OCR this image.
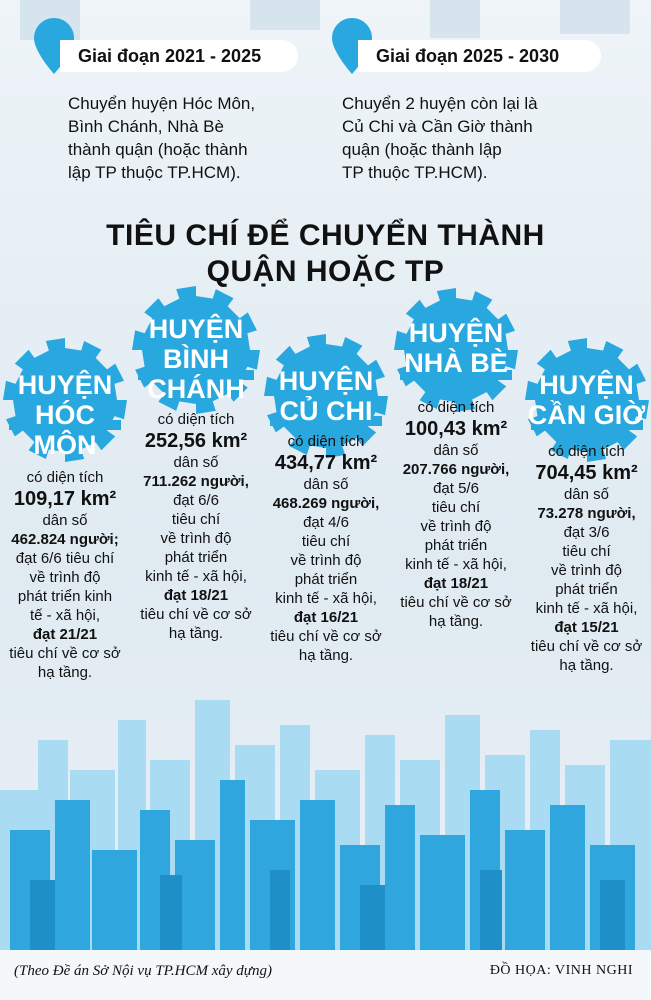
Giai đoạn 2021 - 2025
Chuyển huyện Hóc Môn,
Bình Chánh, Nhà Bè
thành quận (hoặc thành
lập TP thuộc TP.HCM).
Giai đoạn 2025 - 2030
Chuyển 2 huyện còn lại là
Củ Chi và Cần Giờ thành
quận (hoặc thành lập
TP thuộc TP.HCM).
TIÊU CHÍ ĐỂ CHUYỂN THÀNH
QUẬN HOẶC TP
HUYỆN
HÓC MÔN
có diện tích
109,17 km²
dân số
462.824 người;
đạt 6/6 tiêu chí
về trình độ
phát triển kinh
tế - xã hội,
đạt 21/21
tiêu chí về cơ sở
hạ tầng.
HUYỆN
BÌNH
CHÁNH
có diện tích
252,56 km²
dân số
711.262 người,
đạt 6/6
tiêu chí
về trình độ
phát triển
kinh tế - xã hội,
đạt 18/21
tiêu chí về cơ sở
hạ tầng.
HUYỆN
CỦ CHI
có diện tích
434,77 km²
dân số
468.269 người,
đạt 4/6
tiêu chí
về trình độ
phát triển
kinh tế - xã hội,
đạt 16/21
tiêu chí về cơ sở
hạ tầng.
HUYỆN
NHÀ BÈ
có diện tích
100,43 km²
dân số
207.766 người,
đạt 5/6
tiêu chí
về trình độ
phát triển
kinh tế - xã hội,
đạt 18/21
tiêu chí về cơ sở
hạ tầng.
HUYỆN
CẦN GIỜ
có diện tích
704,45 km²
dân số
73.278 người,
đạt 3/6
tiêu chí
về trình độ
phát triển
kinh tế - xã hội,
đạt 15/21
tiêu chí về cơ sở
hạ tầng.
(Theo Đề án Sở Nội vụ TP.HCM xây dựng)	ĐỒ HỌA: VINH NGHI
